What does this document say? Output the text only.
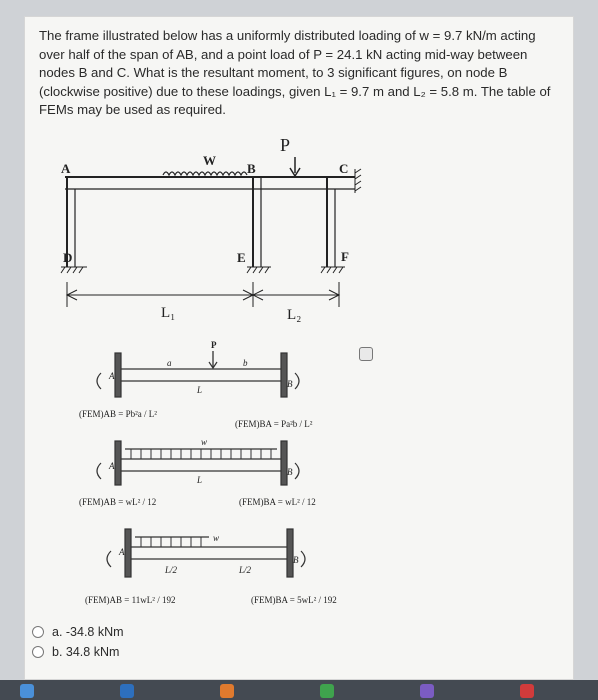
The frame illustrated below has a uniformly distributed loading of w = 9.7 kN/m acting over half of the span of AB, and a point load of P = 24.1 kN acting mid-way between nodes B and C. What is the resultant moment, to 3 significant figures, on node B (clockwise positive) due to these loadings, given L₁ = 9.7 m and L₂ = 5.8 m. The table of FEMs may be used as required.

A
D
B
E
C
F
W
P
L₁	L₂
P
a	b
L
A
B
(FEM)AB = Pb²a / L²
(FEM)BA = Pa²b / L²
w
L
A
B
(FEM)AB = wL² / 12	(FEM)BA = wL² / 12
w
L/2	L/2
A
B
(FEM)AB = 11wL² / 192	(FEM)BA = 5wL² / 192
a. -34.8 kNm
b. 34.8 kNm
